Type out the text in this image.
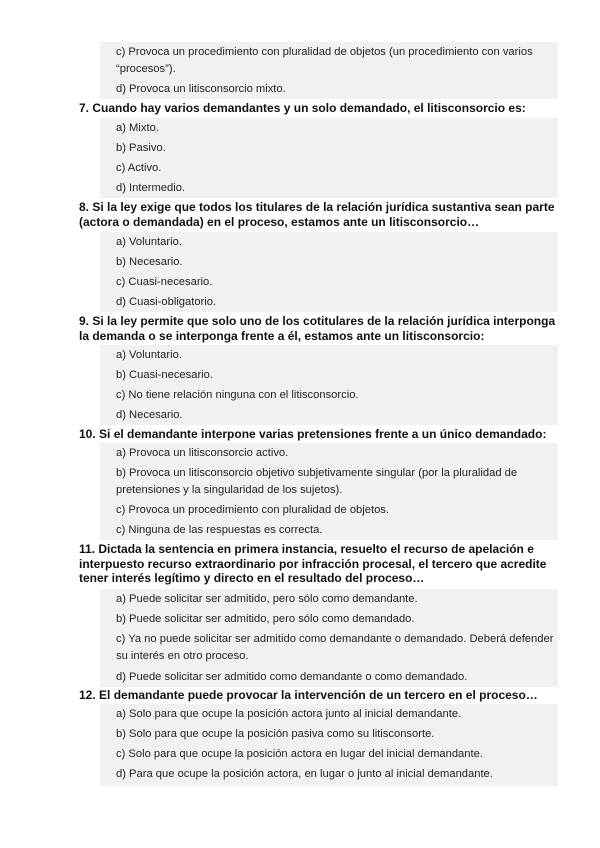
c) Provoca un procedimiento con pluralidad de objetos (un procedimiento con varios “procesos”).
d) Provoca un litisconsorcio mixto.
7. Cuando hay varios demandantes y un solo demandado, el litisconsorcio es:
a) Mixto.
b) Pasivo.
c) Activo.
d) Intermedio.
8. Si la ley exige que todos los titulares de la relación jurídica sustantiva sean parte (actora o demandada) en el proceso, estamos ante un litisconsorcio…
a) Voluntario.
b) Necesario.
c) Cuasi-necesario.
d) Cuasi-obligatorio.
9. Si la ley permite que solo uno de los cotitulares de la relación jurídica interponga la demanda o se interponga frente a él, estamos ante un litisconsorcio:
a) Voluntario.
b) Cuasi-necesario.
c) No tiene relación ninguna con el litisconsorcio.
d) Necesario.
10. Si el demandante interpone varias pretensiones frente a un único demandado:
a) Provoca un litisconsorcio activo.
b) Provoca un litisconsorcio objetivo subjetivamente singular (por la pluralidad de pretensiones y la singularidad de los sujetos).
c) Provoca un procedimiento con pluralidad de objetos.
c) Ninguna de las respuestas es correcta.
11. Dictada la sentencia en primera instancia, resuelto el recurso de apelación e interpuesto recurso extraordinario por infracción procesal, el tercero que acredite tener interés legítimo y directo en el resultado del proceso…
a) Puede solicitar ser admitido, pero sólo como demandante.
b) Puede solicitar ser admitido, pero sólo como demandado.
c) Ya no puede solicitar ser admitido como demandante o demandado. Deberá defender su interés en otro proceso.
d) Puede solicitar ser admitido como demandante o como demandado.
12. El demandante puede provocar la intervención de un tercero en el proceso…
a) Solo para que ocupe la posición actora junto al inicial demandante.
b) Solo para que ocupe la posición pasiva como su litisconsorte.
c) Solo para que ocupe la posición actora en lugar del inicial demandante.
d) Para que ocupe la posición actora, en lugar o junto al inicial demandante.
